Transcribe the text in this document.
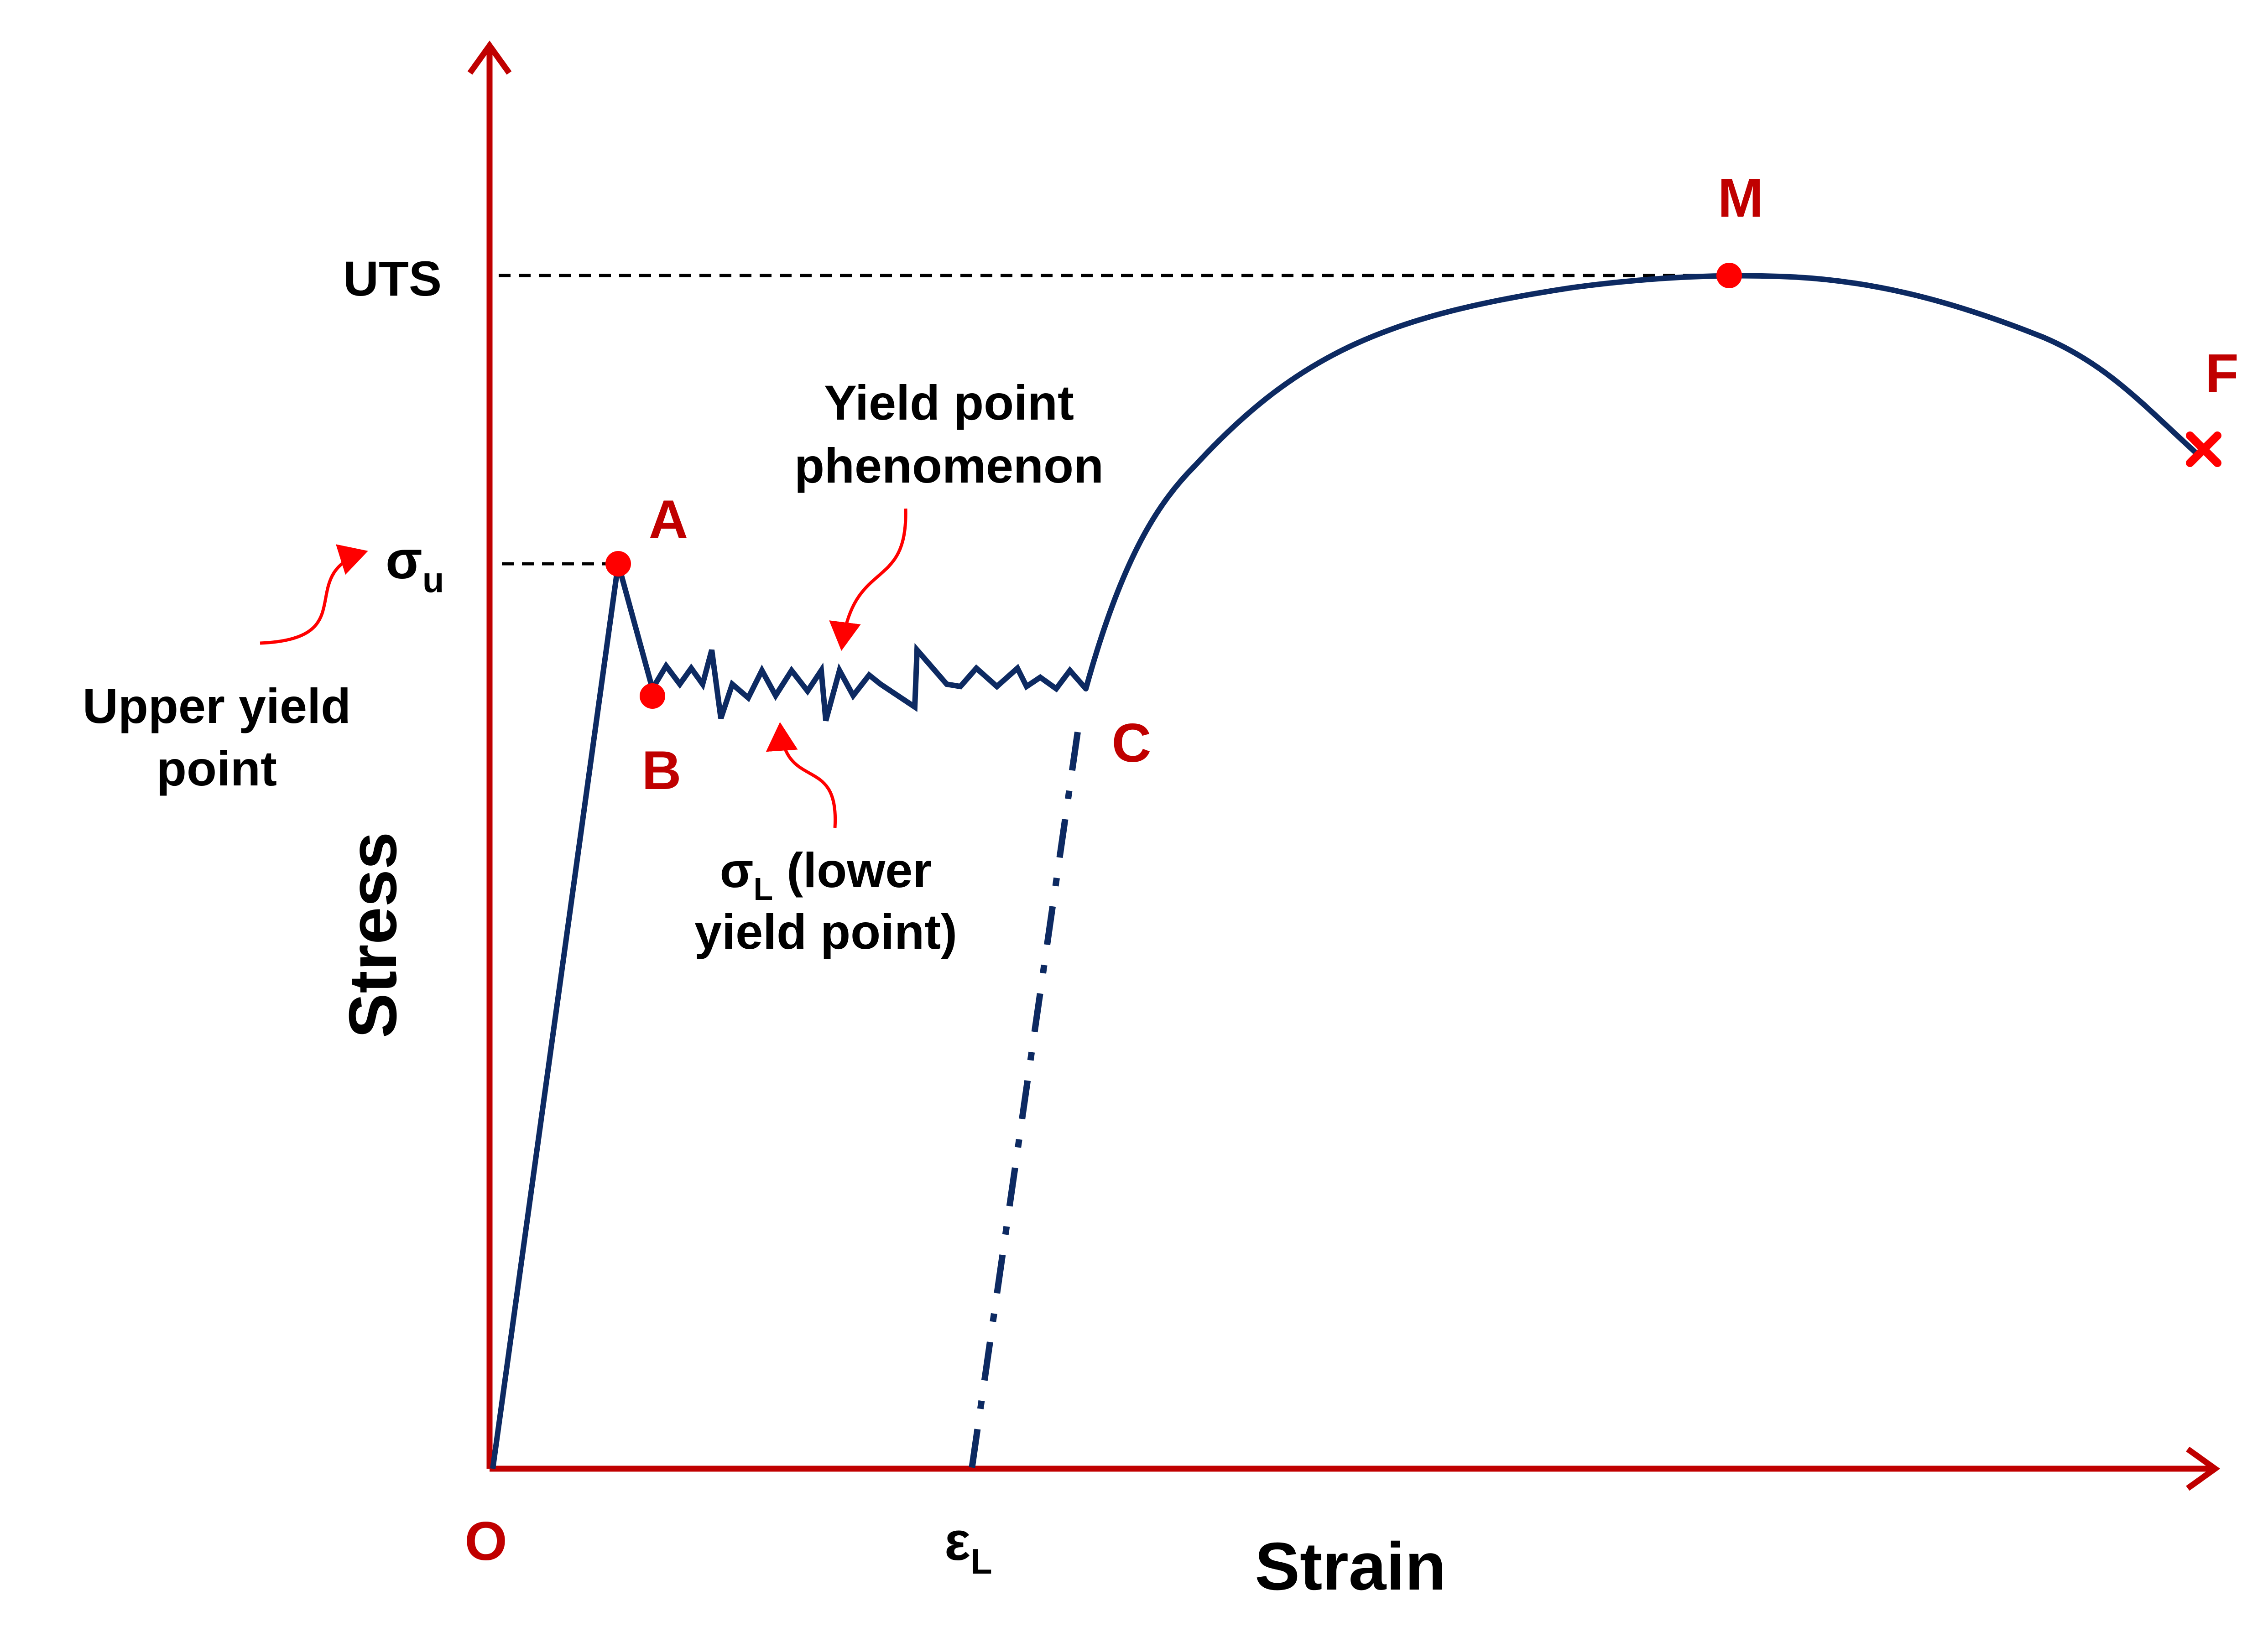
Strain
Stress
O	$\varepsilon_L$
UTS
$\sigma_u$
A
B	C
M
F
Upper yield
point
Yield point
phenomenon
$\sigma_L$ (lower
yield point)
